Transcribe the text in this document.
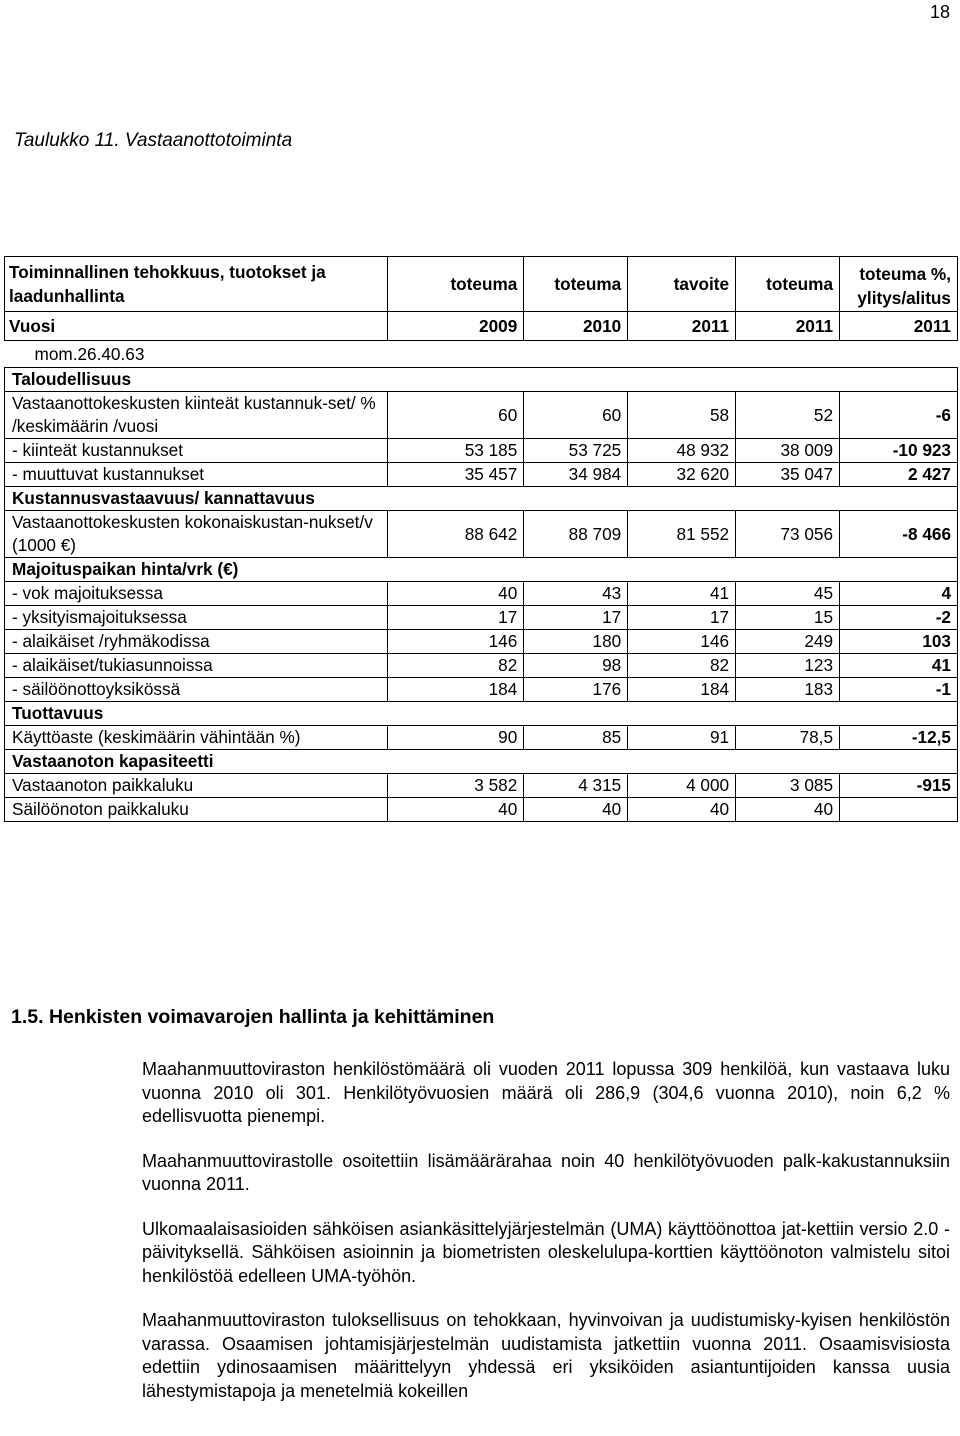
18
Taulukko 11. Vastaanottotoiminta
Toiminnallinen tehokkuus, tuotokset ja laadunhallinta	toteuma	toteuma	tavoite	toteuma	toteuma %, ylitys/alitus
Vuosi	2009	2010	2011	2011	2011
mom.26.40.63					
Taloudellisuus					
Vastaanottokeskusten kiinteät kustannuk-set/ % /keskimäärin /vuosi	60	60	58	52	-6
- kiinteät kustannukset	53 185	53 725	48 932	38 009	-10 923
- muuttuvat kustannukset	35 457	34 984	32 620	35 047	2 427
Kustannusvastaavuus/ kannattavuus					
Vastaanottokeskusten kokonaiskustan-nukset/v (1000 €)	88 642	88 709	81 552	73 056	-8 466
Majoituspaikan hinta/vrk (€)					
- vok majoituksessa	40	43	41	45	4
- yksityismajoituksessa	17	17	17	15	-2
- alaikäiset /ryhmäkodissa	146	180	146	249	103
- alaikäiset/tukiasunnoissa	82	98	82	123	41
- säilöönottoyksikössä	184	176	184	183	-1
Tuottavuus					
Käyttöaste (keskimäärin vähintään %)	90	85	91	78,5	-12,5
Vastaanoton kapasiteetti					
Vastaanoton paikkaluku	3 582	4 315	4 000	3 085	-915
Säilöönoton paikkaluku	40	40	40	40	
1.5. Henkisten voimavarojen hallinta ja kehittäminen

Maahanmuuttoviraston henkilöstömäärä oli vuoden 2011 lopussa 309 henkilöä, kun vastaava luku vuonna 2010 oli 301. Henkilötyövuosien määrä oli 286,9 (304,6 vuonna 2010), noin 6,2 % edellisvuotta pienempi.

Maahanmuuttovirastolle osoitettiin lisämäärärahaa noin 40 henkilötyövuoden palk-kakustannuksiin vuonna 2011.

Ulkomaalaisasioiden sähköisen asiankäsittelyjärjestelmän (UMA) käyttöönottoa jat-kettiin versio 2.0 -päivityksellä. Sähköisen asioinnin ja biometristen oleskelulupa-korttien käyttöönoton valmistelu sitoi henkilöstöä edelleen UMA-työhön.

Maahanmuuttoviraston tuloksellisuus on tehokkaan, hyvinvoivan ja uudistumisky-kyisen henkilöstön varassa. Osaamisen johtamisjärjestelmän uudistamista jatkettiin vuonna 2011. Osaamisvisiosta edettiin ydinosaamisen määrittelyyn yhdessä eri yksiköiden asiantuntijoiden kanssa uusia lähestymistapoja ja menetelmiä kokeillen
